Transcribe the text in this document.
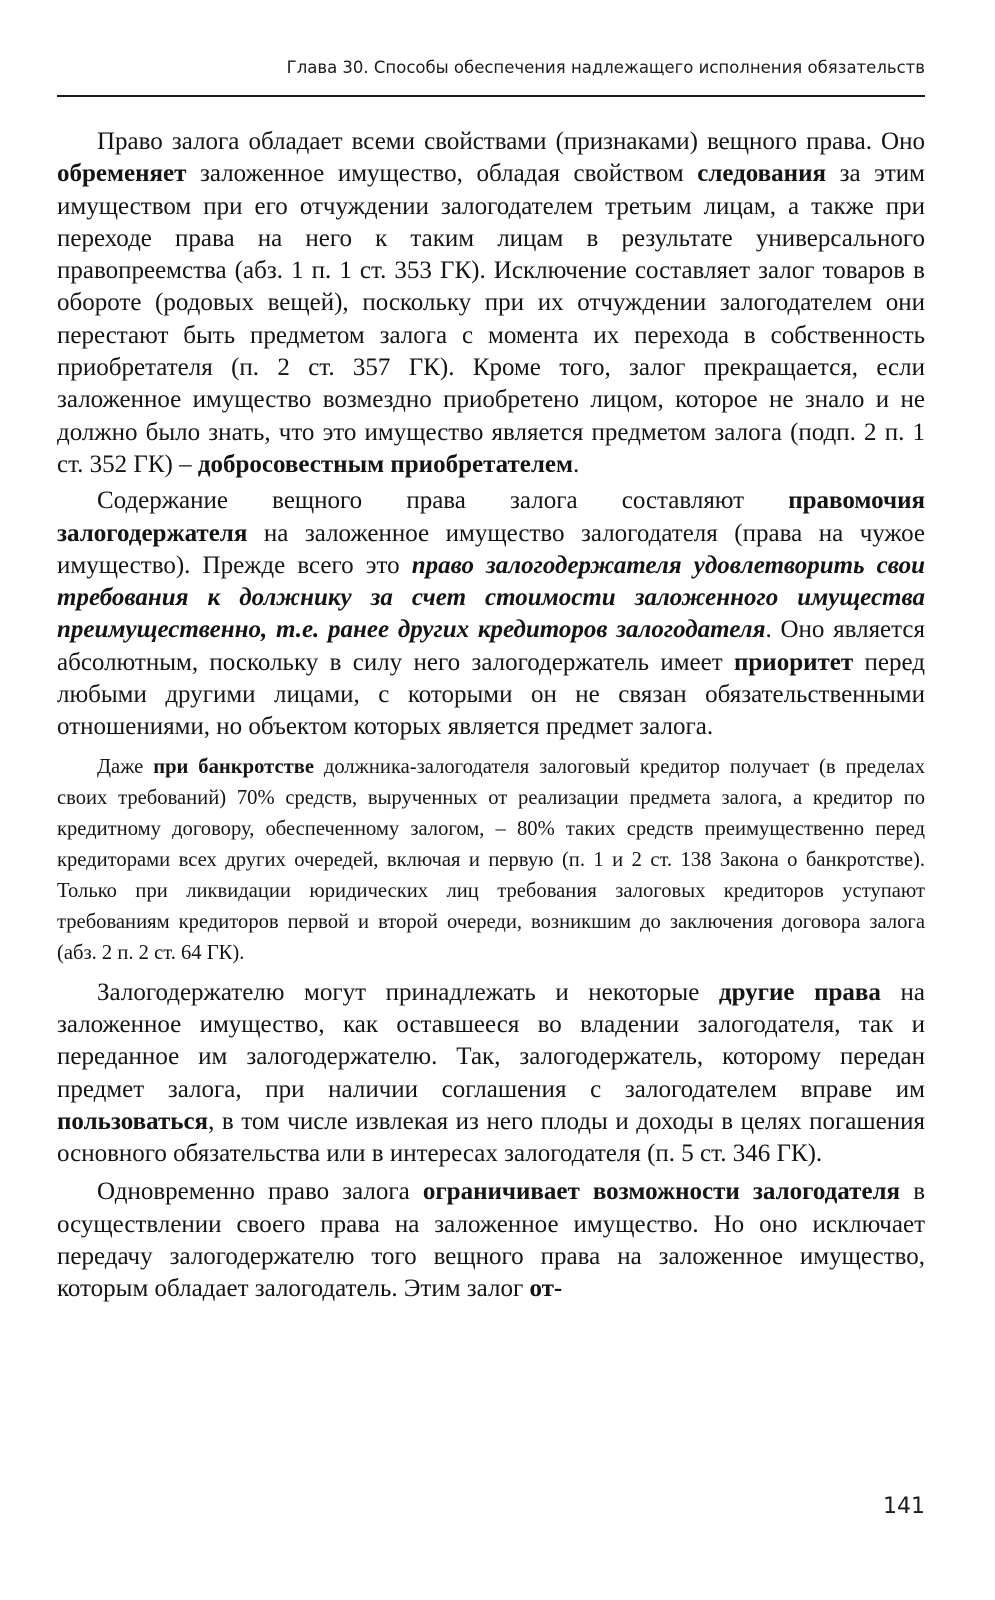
Глава 30. Способы обеспечения надлежащего исполнения обязательств

Право залога обладает всеми свойствами (признаками) вещного права. Оно обременяет заложенное имущество, обладая свойством следования за этим имуществом при его отчуждении залогодателем третьим лицам, а также при переходе права на него к таким лицам в результате универсального правопреемства (абз. 1 п. 1 ст. 353 ГК). Исключение составляет залог товаров в обороте (родовых вещей), поскольку при их отчуждении залогодателем они перестают быть предметом залога с момента их перехода в собственность приобретателя (п. 2 ст. 357 ГК). Кроме того, залог прекращается, если заложенное имущество возмездно приобретено лицом, которое не знало и не должно было знать, что это имущество является предметом залога (подп. 2 п. 1 ст. 352 ГК) – добросовестным приобретателем.

Содержание вещного права залога составляют правомочия залогодержателя на заложенное имущество залогодателя (права на чужое имущество). Прежде всего это право залогодержателя удовлетворить свои требования к должнику за счет стоимости заложенного имущества преимущественно, т.е. ранее других кредиторов залогодателя. Оно является абсолютным, поскольку в силу него залогодержатель имеет приоритет перед любыми другими лицами, с которыми он не связан обязательственными отношениями, но объектом которых является предмет залога.

Даже при банкротстве должника-залогодателя залоговый кредитор получает (в пределах своих требований) 70% средств, вырученных от реализации предмета залога, а кредитор по кредитному договору, обеспеченному залогом, – 80% таких средств преимущественно перед кредиторами всех других очередей, включая и первую (п. 1 и 2 ст. 138 Закона о банкротстве). Только при ликвидации юридических лиц требования залоговых кредиторов уступают требованиям кредиторов первой и второй очереди, возникшим до заключения договора залога (абз. 2 п. 2 ст. 64 ГК).

Залогодержателю могут принадлежать и некоторые другие права на заложенное имущество, как оставшееся во владении залогодателя, так и переданное им залогодержателю. Так, залогодержатель, которому передан предмет залога, при наличии соглашения с залогодателем вправе им пользоваться, в том числе извлекая из него плоды и доходы в целях погашения основного обязательства или в интересах залогодателя (п. 5 ст. 346 ГК).

Одновременно право залога ограничивает возможности залогодателя в осуществлении своего права на заложенное имущество. Но оно исключает передачу залогодержателю того вещного права на заложенное имущество, которым обладает залогодатель. Этим залог от-

141
